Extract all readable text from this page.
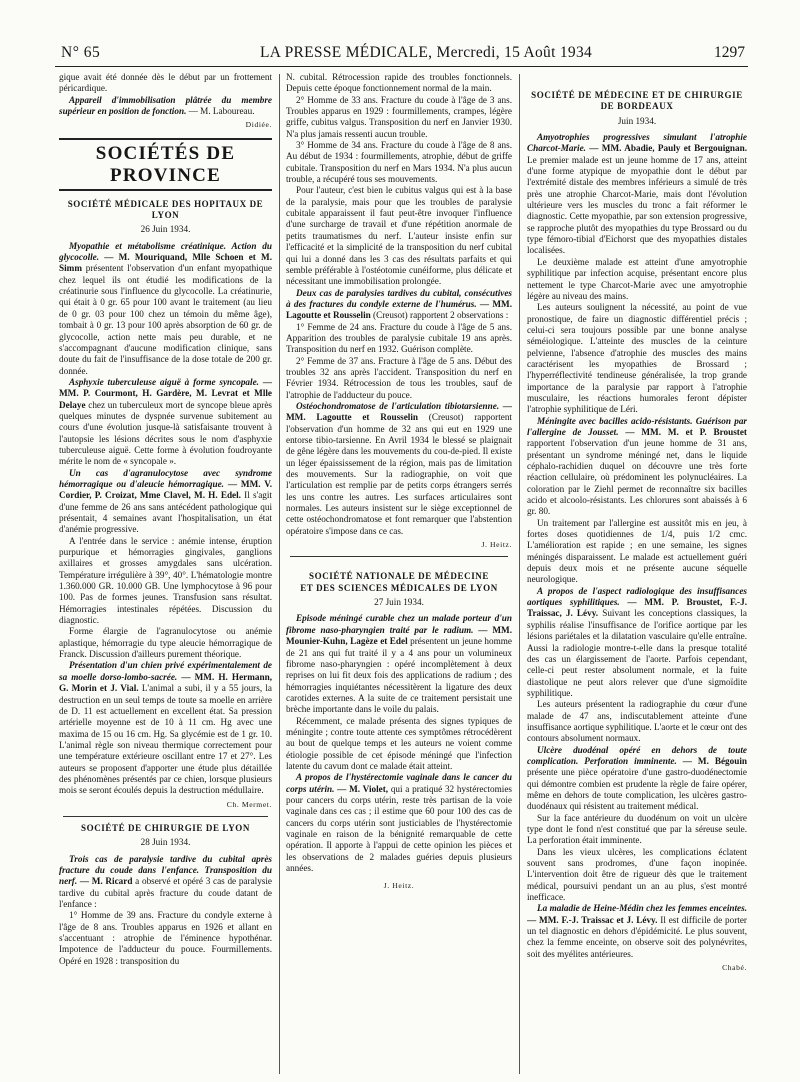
N° 65	LA PRESSE MÉDICALE, Mercredi, 15 Août 1934	1297

gique avait été donnée dès le début par un frottement péricardique.

Appareil d'immobilisation plâtrée du membre supérieur en position de fonction. — M. Laboureau.

Didiée.

SOCIÉTÉS DE PROVINCE

SOCIÉTÉ MÉDICALE DES HOPITAUX DE LYON

26 Juin 1934.

Myopathie et métabolisme créatinique. Action du glycocolle. — M. Mouriquand, Mlle Schoen et M. Simm présentent l'observation d'un enfant myopathique chez lequel ils ont étudié les modifications de la créatinurie sous l'influence du glycocolle. La créatinurie, qui était à 0 gr. 65 pour 100 avant le traitement (au lieu de 0 gr. 03 pour 100 chez un témoin du même âge), tombait à 0 gr. 13 pour 100 après absorption de 60 gr. de glycocolle, action nette mais peu durable, et ne s'accompagnant d'aucune modification clinique, sans doute du fait de l'insuffisance de la dose totale de 200 gr. donnée.

Asphyxie tuberculeuse aiguë à forme syncopale. — MM. P. Courmont, H. Gardère, M. Levrat et Mlle Delaye chez un tuberculeux mort de syncope bleue après quelques minutes de dyspnée survenue subitement au cours d'une évolution jusque-là satisfaisante trouvent à l'autopsie les lésions décrites sous le nom d'asphyxie tuberculeuse aiguë. Cette forme à évolution foudroyante mérite le nom de « syncopale ».

Un cas d'agranulocytose avec syndrome hémorragique ou d'aleucie hémorragique. — MM. V. Cordier, P. Croizat, Mme Clavel, M. H. Edel. Il s'agit d'une femme de 26 ans sans antécédent pathologique qui présentait, 4 semaines avant l'hospitalisation, un état d'anémie progressive.

A l'entrée dans le service : anémie intense, éruption purpurique et hémorragies gingivales, ganglions axillaires et grosses amygdales sans ulcération. Température irrégulière à 39°, 40°. L'hématologie montre 1.360.000 GR. 10.000 GB. Une lymphocytose à 96 pour 100. Pas de formes jeunes. Transfusion sans résultat. Hémorragies intestinales répétées. Discussion du diagnostic.

Forme élargie de l'agranulocytose ou anémie aplastique, hémorragie du type aleucie hémorragique de Franck. Discussion d'ailleurs purement théorique.

Présentation d'un chien privé expérimentalement de sa moelle dorso-lombo-sacrée. — MM. H. Hermann, G. Morin et J. Vial. L'animal a subi, il y a 55 jours, la destruction en un seul temps de toute sa moelle en arrière de D. 11 est actuellement en excellent état. Sa pression artérielle moyenne est de 10 à 11 cm. Hg avec une maxima de 15 ou 16 cm. Hg. Sa glycémie est de 1 gr. 10. L'animal règle son niveau thermique correctement pour une température extérieure oscillant entre 17 et 27°. Les auteurs se proposent d'apporter une étude plus détaillée des phénomènes présentés par ce chien, lorsque plusieurs mois se seront écoulés depuis la destruction médullaire.

Ch. Mermet.

SOCIÉTÉ DE CHIRURGIE DE LYON

28 Juin 1934.

Trois cas de paralysie tardive du cubital après fracture du coude dans l'enfance. Transposition du nerf. — M. Ricard a observé et opéré 3 cas de paralysie tardive du cubital après fracture du coude datant de l'enfance :

1° Homme de 39 ans. Fracture du condyle externe à l'âge de 8 ans. Troubles apparus en 1926 et allant en s'accentuant : atrophie de l'éminence hypothénar. Impotence de l'adducteur du pouce. Fourmillements. Opéré en 1928 : transposition du

N. cubital. Rétrocession rapide des troubles fonctionnels. Depuis cette époque fonctionnement normal de la main.

2° Homme de 33 ans. Fracture du coude à l'âge de 3 ans. Troubles apparus en 1929 : fourmillements, crampes, légère griffe, cubitus valgus. Transposition du nerf en Janvier 1930. N'a plus jamais ressenti aucun trouble.

3° Homme de 34 ans. Fracture du coude à l'âge de 8 ans. Au début de 1934 : fourmillements, atrophie, début de griffe cubitale. Transposition du nerf en Mars 1934. N'a plus aucun trouble, a récupéré tous ses mouvements.

Pour l'auteur, c'est bien le cubitus valgus qui est à la base de la paralysie, mais pour que les troubles de paralysie cubitale apparaissent il faut peut-être invoquer l'influence d'une surcharge de travail et d'une répétition anormale de petits traumatismes du nerf. L'auteur insiste enfin sur l'efficacité et la simplicité de la transposition du nerf cubital qui lui a donné dans les 3 cas des résultats parfaits et qui semble préférable à l'ostéotomie cunéiforme, plus délicate et nécessitant une immobilisation prolongée.

Deux cas de paralysies tardives du cubital, consécutives à des fractures du condyle externe de l'humérus. — MM. Lagoutte et Rousselin (Creusot) rapportent 2 observations :

1° Femme de 24 ans. Fracture du coude à l'âge de 5 ans. Apparition des troubles de paralysie cubitale 19 ans après. Transposition du nerf en 1932. Guérison complète.

2° Femme de 37 ans. Fracture à l'âge de 5 ans. Début des troubles 32 ans après l'accident. Transposition du nerf en Février 1934. Rétrocession de tous les troubles, sauf de l'atrophie de l'adducteur du pouce.

Ostéochondromatose de l'articulation tibiotarsienne. — MM. Lagoutte et Rousselin (Creusot) rapportent l'observation d'un homme de 32 ans qui eut en 1929 une entorse tibio-tarsienne. En Avril 1934 le blessé se plaignait de gêne légère dans les mouvements du cou-de-pied. Il existe un léger épaississement de la région, mais pas de limitation des mouvements. Sur la radiographie, on voit que l'articulation est remplie par de petits corps étrangers serrés les uns contre les autres. Les surfaces articulaires sont normales. Les auteurs insistent sur le siège exceptionnel de cette ostéochondromatose et font remarquer que l'abstention opératoire s'impose dans ce cas.

J. Heitz.

SOCIÉTÉ NATIONALE DE MÉDECINE

ET DES SCIENCES MÉDICALES DE LYON

27 Juin 1934.

Episode méningé curable chez un malade porteur d'un fibrome naso-pharyngien traité par le radium. — MM. Mounier-Kuhn, Lagèze et Edel présentent un jeune homme de 21 ans qui fut traité il y a 4 ans pour un volumineux fibrome naso-pharyngien : opéré incomplètement à deux reprises on lui fit deux fois des applications de radium ; des hémorragies inquiétantes nécessitèrent la ligature des deux carotides externes. A la suite de ce traitement persistait une brèche importante dans le voile du palais.

Récemment, ce malade présenta des signes typiques de méningite ; contre toute attente ces symptômes rétrocédèrent au bout de quelque temps et les auteurs ne voient comme étiologie possible de cet épisode méningé que l'infection latente du cavum dont ce malade était atteint.

A propos de l'hystérectomie vaginale dans le cancer du corps utérin. — M. Violet, qui a pratiqué 32 hystérectomies pour cancers du corps utérin, reste très partisan de la voie vaginale dans ces cas ; il estime que 60 pour 100 des cas de cancers du corps utérin sont justiciables de l'hystérectomie vaginale en raison de la bénignité remarquable de cette opération. Il apporte à l'appui de cette opinion les pièces et les observations de 2 malades guéries depuis plusieurs années.

J. Heitz.

SOCIÉTÉ DE MÉDECINE ET DE CHIRURGIE

DE BORDEAUX

Juin 1934.

Amyotrophies progressives simulant l'atrophie Charcot-Marie. — MM. Abadie, Pauly et Bergouignan. Le premier malade est un jeune homme de 17 ans, atteint d'une forme atypique de myopathie dont le début par l'extrémité distale des membres inférieurs a simulé de très près une atrophie Charcot-Marie, mais dont l'évolution ultérieure vers les muscles du tronc a fait réformer le diagnostic. Cette myopathie, par son extension progressive, se rapproche plutôt des myopathies du type Brossard ou du type fémoro-tibial d'Eichorst que des myopathies distales localisées.

Le deuxième malade est atteint d'une amyotrophie syphilitique par infection acquise, présentant encore plus nettement le type Charcot-Marie avec une amyotrophie légère au niveau des mains.

Les auteurs soulignent la nécessité, au point de vue pronostique, de faire un diagnostic différentiel précis ; celui-ci sera toujours possible par une bonne analyse séméiologique. L'atteinte des muscles de la ceinture pelvienne, l'absence d'atrophie des muscles des mains caractérisent les myopathies de Brossard ; l'hyperréflectivité tendineuse généralisée, la trop grande importance de la paralysie par rapport à l'atrophie musculaire, les réactions humorales feront dépister l'atrophie syphilitique de Léri.

Méningite avec bacilles acido-résistants. Guérison par l'allergine de Jousset. — MM. M. et P. Broustet rapportent l'observation d'un jeune homme de 31 ans, présentant un syndrome méningé net, dans le liquide céphalo-rachidien duquel on découvre une très forte réaction cellulaire, où prédominent les polynucléaires. La coloration par le Ziehl permet de reconnaître six bacilles acido et alcoolo-résistants. Les chlorures sont abaissés à 6 gr. 80.

Un traitement par l'allergine est aussitôt mis en jeu, à fortes doses quotidiennes de 1/4, puis 1/2 cmc. L'amélioration est rapide ; en une semaine, les signes méningés disparaissent. Le malade est actuellement guéri depuis deux mois et ne présente aucune séquelle neurologique.

A propos de l'aspect radiologique des insuffisances aortiques syphilitiques. — MM. P. Broustet, F.-J. Traissac, J. Lévy. Suivant les conceptions classiques, la syphilis réalise l'insuffisance de l'orifice aortique par les lésions pariétales et la dilatation vasculaire qu'elle entraîne. Aussi la radiologie montre-t-elle dans la presque totalité des cas un élargissement de l'aorte. Parfois cependant, celle-ci peut rester absolument normale, et la fuite diastolique ne peut alors relever que d'une sigmoïdite syphilitique.

Les auteurs présentent la radiographie du cœur d'une malade de 47 ans, indiscutablement atteinte d'une insuffisance aortique syphilitique. L'aorte et le cœur ont des contours absolument normaux.

Ulcère duodénal opéré en dehors de toute complication. Perforation imminente. — M. Bégouin présente une pièce opératoire d'une gastro-duodénectomie qui démontre combien est prudente la règle de faire opérer, même en dehors de toute complication, les ulcères gastro-duodénaux qui résistent au traitement médical.

Sur la face antérieure du duodénum on voit un ulcère type dont le fond n'est constitué que par la séreuse seule. La perforation était imminente.

Dans les vieux ulcères, les complications éclatent souvent sans prodromes, d'une façon inopinée. L'intervention doit être de rigueur dès que le traitement médical, poursuivi pendant un an au plus, s'est montré inefficace.

La maladie de Heine-Médin chez les femmes enceintes. — MM. F.-J. Traissac et J. Lévy. Il est difficile de porter un tel diagnostic en dehors d'épidémicité. Le plus souvent, chez la femme enceinte, on observe soit des polynévrites, soit des myélites antérieures.

Chabé.
